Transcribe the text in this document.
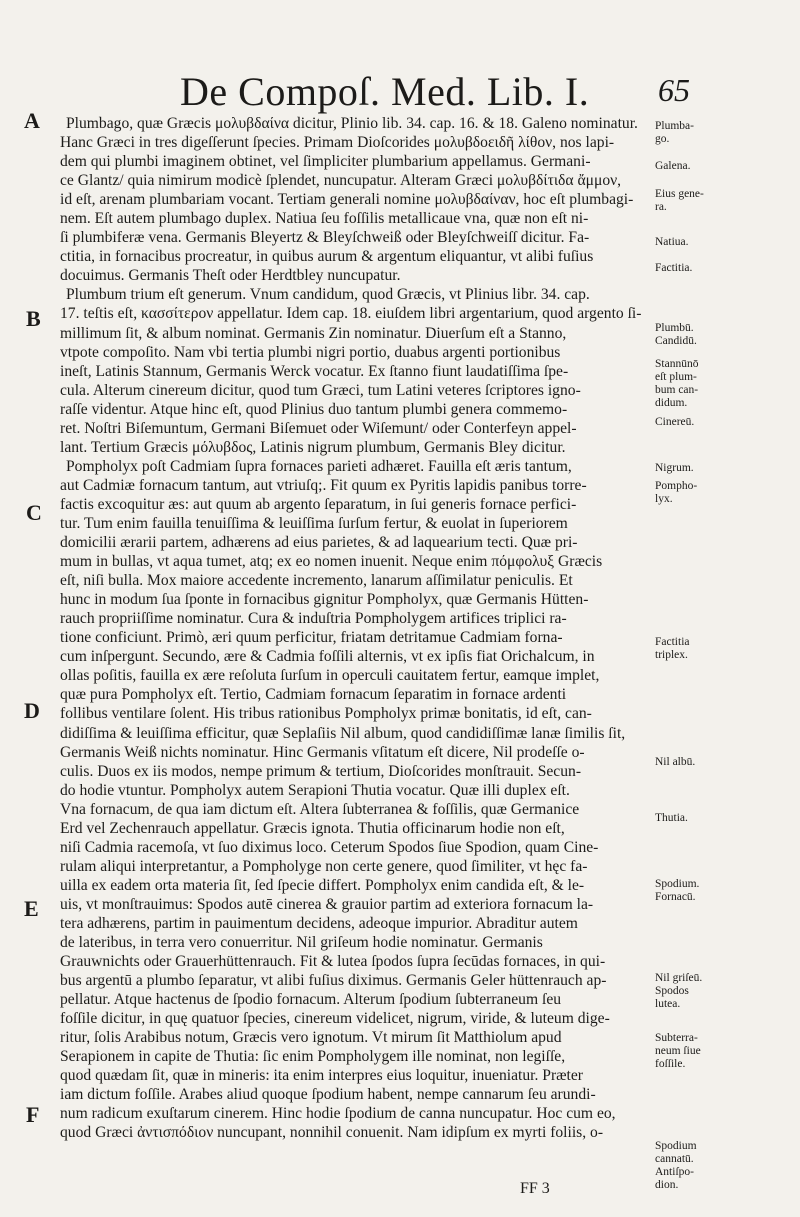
De Compoſ. Med. Lib. I. 65
A
B
C
D
E
F
Plumbago, quæ Græcis μολυβδαίνα dicitur, Plinio lib. 34. cap. 16. & 18. Galeno nominatur.
Hanc Græci in tres digeſſerunt ſpecies. Primam Dioſcorides μολυβδοειδῆ λίθον, nos lapi-
dem qui plumbi imaginem obtinet, vel ſimpliciter plumbarium appellamus. Germani-
ce Glantz/ quia nimirum modicè ſplendet, nuncupatur. Alteram Græci μολυβδίτιδα ἄμμον,
id eſt, arenam plumbariam vocant. Tertiam generali nomine μολυβδαίναν, hoc eſt plumbagi-
nem. Eſt autem plumbago duplex. Natiua ſeu foſſilis metallicaue vna, quæ non eſt ni-
ſi plumbiferæ vena. Germanis Bleyertz & Bleyſchweiß oder Bleyſchweiſſ dicitur. Fa-
ctitia, in fornacibus procreatur, in quibus aurum & argentum eliquantur, vt alibi fuſius
docuimus. Germanis Theſt oder Herdtbley nuncupatur.
Plumbum trium eſt generum. Vnum candidum, quod Græcis, vt Plinius libr. 34. cap.
17. teſtis eſt, κασσίτερον appellatur. Idem cap. 18. eiuſdem libri argentarium, quod argento ſi-
millimum ſit, & album nominat. Germanis Zin nominatur. Diuerſum eſt a Stanno,
vtpote compoſito. Nam vbi tertia plumbi nigri portio, duabus argenti portionibus
ineſt, Latinis Stannum, Germanis Werck vocatur. Ex ſtanno fiunt laudatiſſima ſpe-
cula. Alterum cinereum dicitur, quod tum Græci, tum Latini veteres ſcriptores igno-
raſſe videntur. Atque hinc eſt, quod Plinius duo tantum plumbi genera commemo-
ret. Noſtri Biſemuntum, Germani Biſemuet oder Wiſemunt/ oder Conterfeyn appel-
lant. Tertium Græcis μόλυβδος, Latinis nigrum plumbum, Germanis Bley dicitur.
Pompholyx poſt Cadmiam ſupra fornaces parieti adhæret. Fauilla eſt æris tantum,
aut Cadmiæ fornacum tantum, aut vtriuſq;. Fit quum ex Pyritis lapidis panibus torre-
factis excoquitur æs: aut quum ab argento ſeparatum, in ſui generis fornace perfici-
tur. Tum enim fauilla tenuiſſima & leuiſſima ſurſum fertur, & euolat in ſuperiorem
domicilii ærarii partem, adhærens ad eius parietes, & ad laquearium tecti. Quæ pri-
mum in bullas, vt aqua tumet, atq; ex eo nomen inuenit. Neque enim πόμφολυξ Græcis
eſt, niſi bulla. Mox maiore accedente incremento, lanarum aſſimilatur peniculis. Et
hunc in modum ſua ſponte in fornacibus gignitur Pompholyx, quæ Germanis Hütten-
rauch propriiſſime nominatur. Cura & induſtria Pompholygem artifices triplici ra-
tione conficiunt. Primò, æri quum perficitur, friatam detritamue Cadmiam forna-
cum inſpergunt. Secundo, ære & Cadmia foſſili alternis, vt ex ipſis fiat Orichalcum, in
ollas poſitis, fauilla ex ære reſoluta ſurſum in operculi cauitatem fertur, eamque implet,
quæ pura Pompholyx eſt. Tertio, Cadmiam fornacum ſeparatim in fornace ardenti
follibus ventilare ſolent. His tribus rationibus Pompholyx primæ bonitatis, id eſt, can-
didiſſima & leuiſſima efficitur, quæ Seplaſiis Nil album, quod candidiſſimæ lanæ ſimilis ſit,
Germanis Weiß nichts nominatur. Hinc Germanis vſitatum eſt dicere, Nil prodeſſe o-
culis. Duos ex iis modos, nempe primum & tertium, Dioſcorides monſtrauit. Secun-
do hodie vtuntur. Pompholyx autem Serapioni Thutia vocatur. Quæ illi duplex eſt.
Vna fornacum, de qua iam dictum eſt. Altera ſubterranea & foſſilis, quæ Germanice
Erd vel Zechenrauch appellatur. Græcis ignota. Thutia officinarum hodie non eſt,
niſi Cadmia racemoſa, vt ſuo diximus loco. Ceterum Spodos ſiue Spodion, quam Cine-
rulam aliqui interpretantur, a Pompholyge non certe genere, quod ſimiliter, vt hęc fa-
uilla ex eadem orta materia ſit, ſed ſpecie differt. Pompholyx enim candida eſt, & le-
uis, vt monſtrauimus: Spodos autē cinerea & grauior partim ad exteriora fornacum la-
tera adhærens, partim in pauimentum decidens, adeoque impurior. Abraditur autem
de lateribus, in terra vero conuerritur. Nil griſeum hodie nominatur. Germanis
Grauwnichts oder Grauerhüttenrauch. Fit & lutea ſpodos ſupra ſecūdas fornaces, in qui-
bus argentū a plumbo ſeparatur, vt alibi fuſius diximus. Germanis Geler hüttenrauch ap-
pellatur. Atque hactenus de ſpodio fornacum. Alterum ſpodium ſubterraneum ſeu
foſſile dicitur, in quę quatuor ſpecies, cinereum videlicet, nigrum, viride, & luteum dige-
ritur, ſolis Arabibus notum, Græcis vero ignotum. Vt mirum ſit Matthiolum apud
Serapionem in capite de Thutia: ſic enim Pompholygem ille nominat, non legiſſe,
quod quædam ſit, quæ in mineris: ita enim interpres eius loquitur, inueniatur. Præter
iam dictum foſſile. Arabes aliud quoque ſpodium habent, nempe cannarum ſeu arundi-
num radicum exuſtarum cinerem. Hinc hodie ſpodium de canna nuncupatur. Hoc cum eo,
quod Græci ἀντισπόδιον nuncupant, nonnihil conuenit. Nam idipſum ex myrti foliis, o-
Plumba-
go.
Galena.
Eius gene-
ra.
Natiua.
Factitia.
Plumbū.
Candidū.
Stannūnō
eſt plum-
bum can-
didum.
Cinereū.
Nigrum.
Pompho-
lyx.
Factitia
triplex.
Nil albū.
Thutia.
Spodium.
Fornacū.
Nil griſeū.
Spodos
lutea.
Subterra-
neum ſiue
foſſile.
Spodium
cannatū.
Antiſpo-
dion.
FF 3
